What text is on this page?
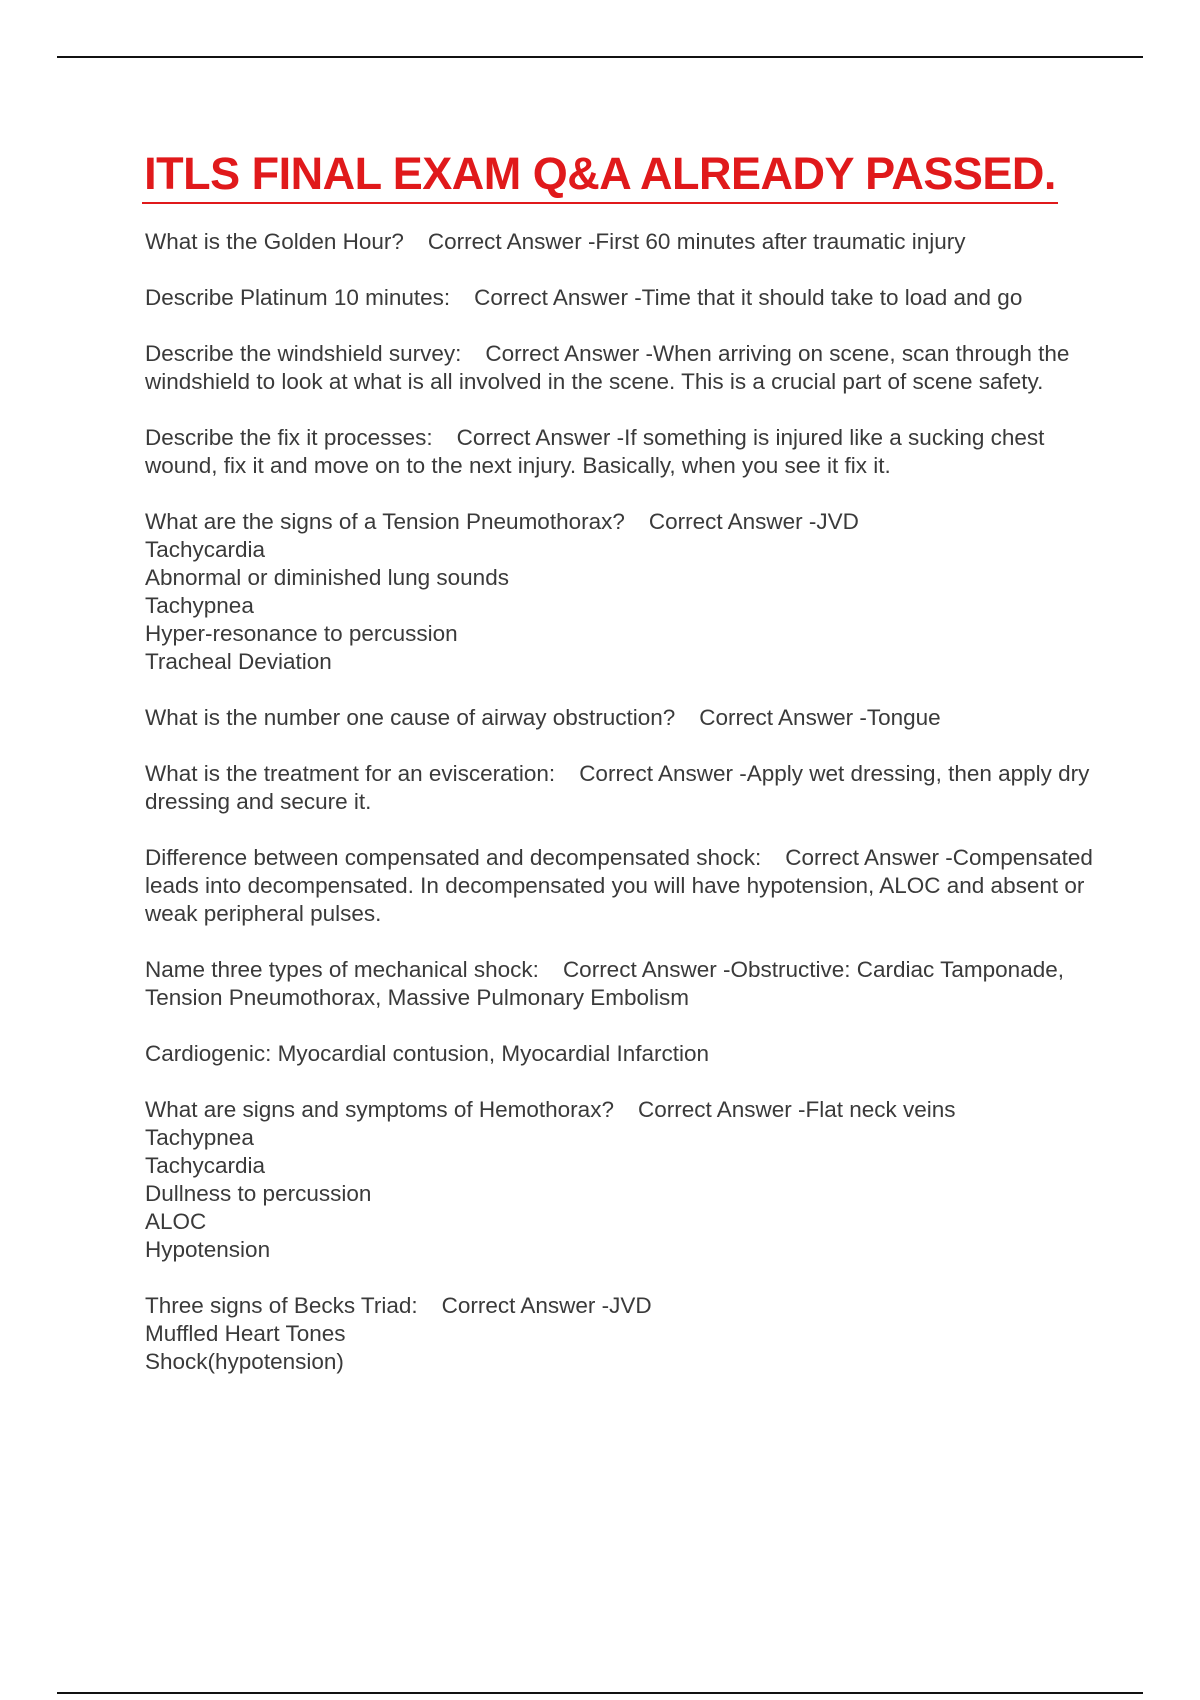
ITLS FINAL EXAM Q&A ALREADY PASSED.
What is the Golden Hour? Correct Answer -First 60 minutes after traumatic injury
Describe Platinum 10 minutes: Correct Answer -Time that it should take to load and go
Describe the windshield survey: Correct Answer -When arriving on scene, scan through the windshield to look at what is all involved in the scene. This is a crucial part of scene safety.
Describe the fix it processes: Correct Answer -If something is injured like a sucking chest wound, fix it and move on to the next injury. Basically, when you see it fix it.
What are the signs of a Tension Pneumothorax? Correct Answer -JVD
Tachycardia
Abnormal or diminished lung sounds
Tachypnea
Hyper-resonance to percussion
Tracheal Deviation
What is the number one cause of airway obstruction? Correct Answer -Tongue
What is the treatment for an evisceration: Correct Answer -Apply wet dressing, then apply dry dressing and secure it.
Difference between compensated and decompensated shock: Correct Answer -Compensated leads into decompensated. In decompensated you will have hypotension, ALOC and absent or weak peripheral pulses.
Name three types of mechanical shock: Correct Answer -Obstructive: Cardiac Tamponade, Tension Pneumothorax, Massive Pulmonary Embolism
Cardiogenic: Myocardial contusion, Myocardial Infarction
What are signs and symptoms of Hemothorax? Correct Answer -Flat neck veins
Tachypnea
Tachycardia
Dullness to percussion
ALOC
Hypotension
Three signs of Becks Triad: Correct Answer -JVD
Muffled Heart Tones
Shock(hypotension)
